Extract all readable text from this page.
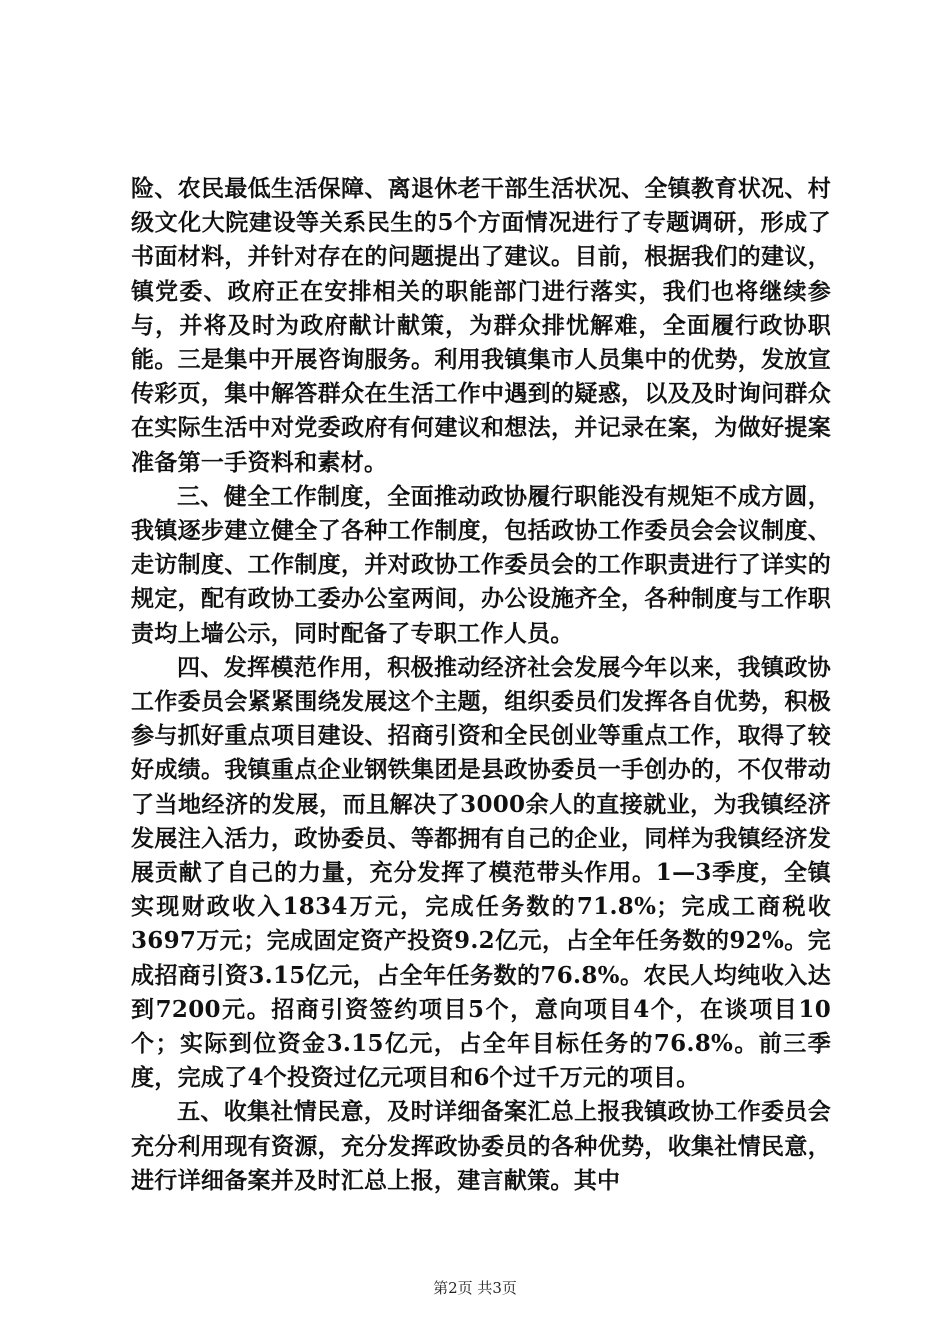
险、农民最低生活保障、离退休老干部生活状况、全镇教育状况、村级文化大院建设等关系民生的5个方面情况进行了专题调研，形成了书面材料，并针对存在的问题提出了建议。目前，根据我们的建议，镇党委、政府正在安排相关的职能部门进行落实，我们也将继续参与，并将及时为政府献计献策，为群众排忧解难，全面履行政协职能。三是集中开展咨询服务。利用我镇集市人员集中的优势，发放宣传彩页，集中解答群众在生活工作中遇到的疑惑，以及及时询问群众在实际生活中对党委政府有何建议和想法，并记录在案，为做好提案准备第一手资料和素材。

三、健全工作制度，全面推动政协履行职能没有规矩不成方圆，我镇逐步建立健全了各种工作制度，包括政协工作委员会会议制度、走访制度、工作制度，并对政协工作委员会的工作职责进行了详实的规定，配有政协工委办公室两间，办公设施齐全，各种制度与工作职责均上墙公示，同时配备了专职工作人员。

四、发挥模范作用，积极推动经济社会发展今年以来，我镇政协工作委员会紧紧围绕发展这个主题，组织委员们发挥各自优势，积极参与抓好重点项目建设、招商引资和全民创业等重点工作，取得了较好成绩。我镇重点企业钢铁集团是县政协委员一手创办的，不仅带动了当地经济的发展，而且解决了3000余人的直接就业，为我镇经济发展注入活力，政协委员、等都拥有自己的企业，同样为我镇经济发展贡献了自己的力量，充分发挥了模范带头作用。1—3季度，全镇实现财政收入1834万元，完成任务数的71.8%；完成工商税收3697万元；完成固定资产投资9.2亿元，占全年任务数的92%。完成招商引资3.15亿元，占全年任务数的76.8%。农民人均纯收入达到7200元。招商引资签约项目5个，意向项目4个，在谈项目10个；实际到位资金3.15亿元，占全年目标任务的76.8%。前三季度，完成了4个投资过亿元项目和6个过千万元的项目。

五、收集社情民意，及时详细备案汇总上报我镇政协工作委员会充分利用现有资源，充分发挥政协委员的各种优势，收集社情民意，进行详细备案并及时汇总上报，建言献策。其中

第2页 共3页
